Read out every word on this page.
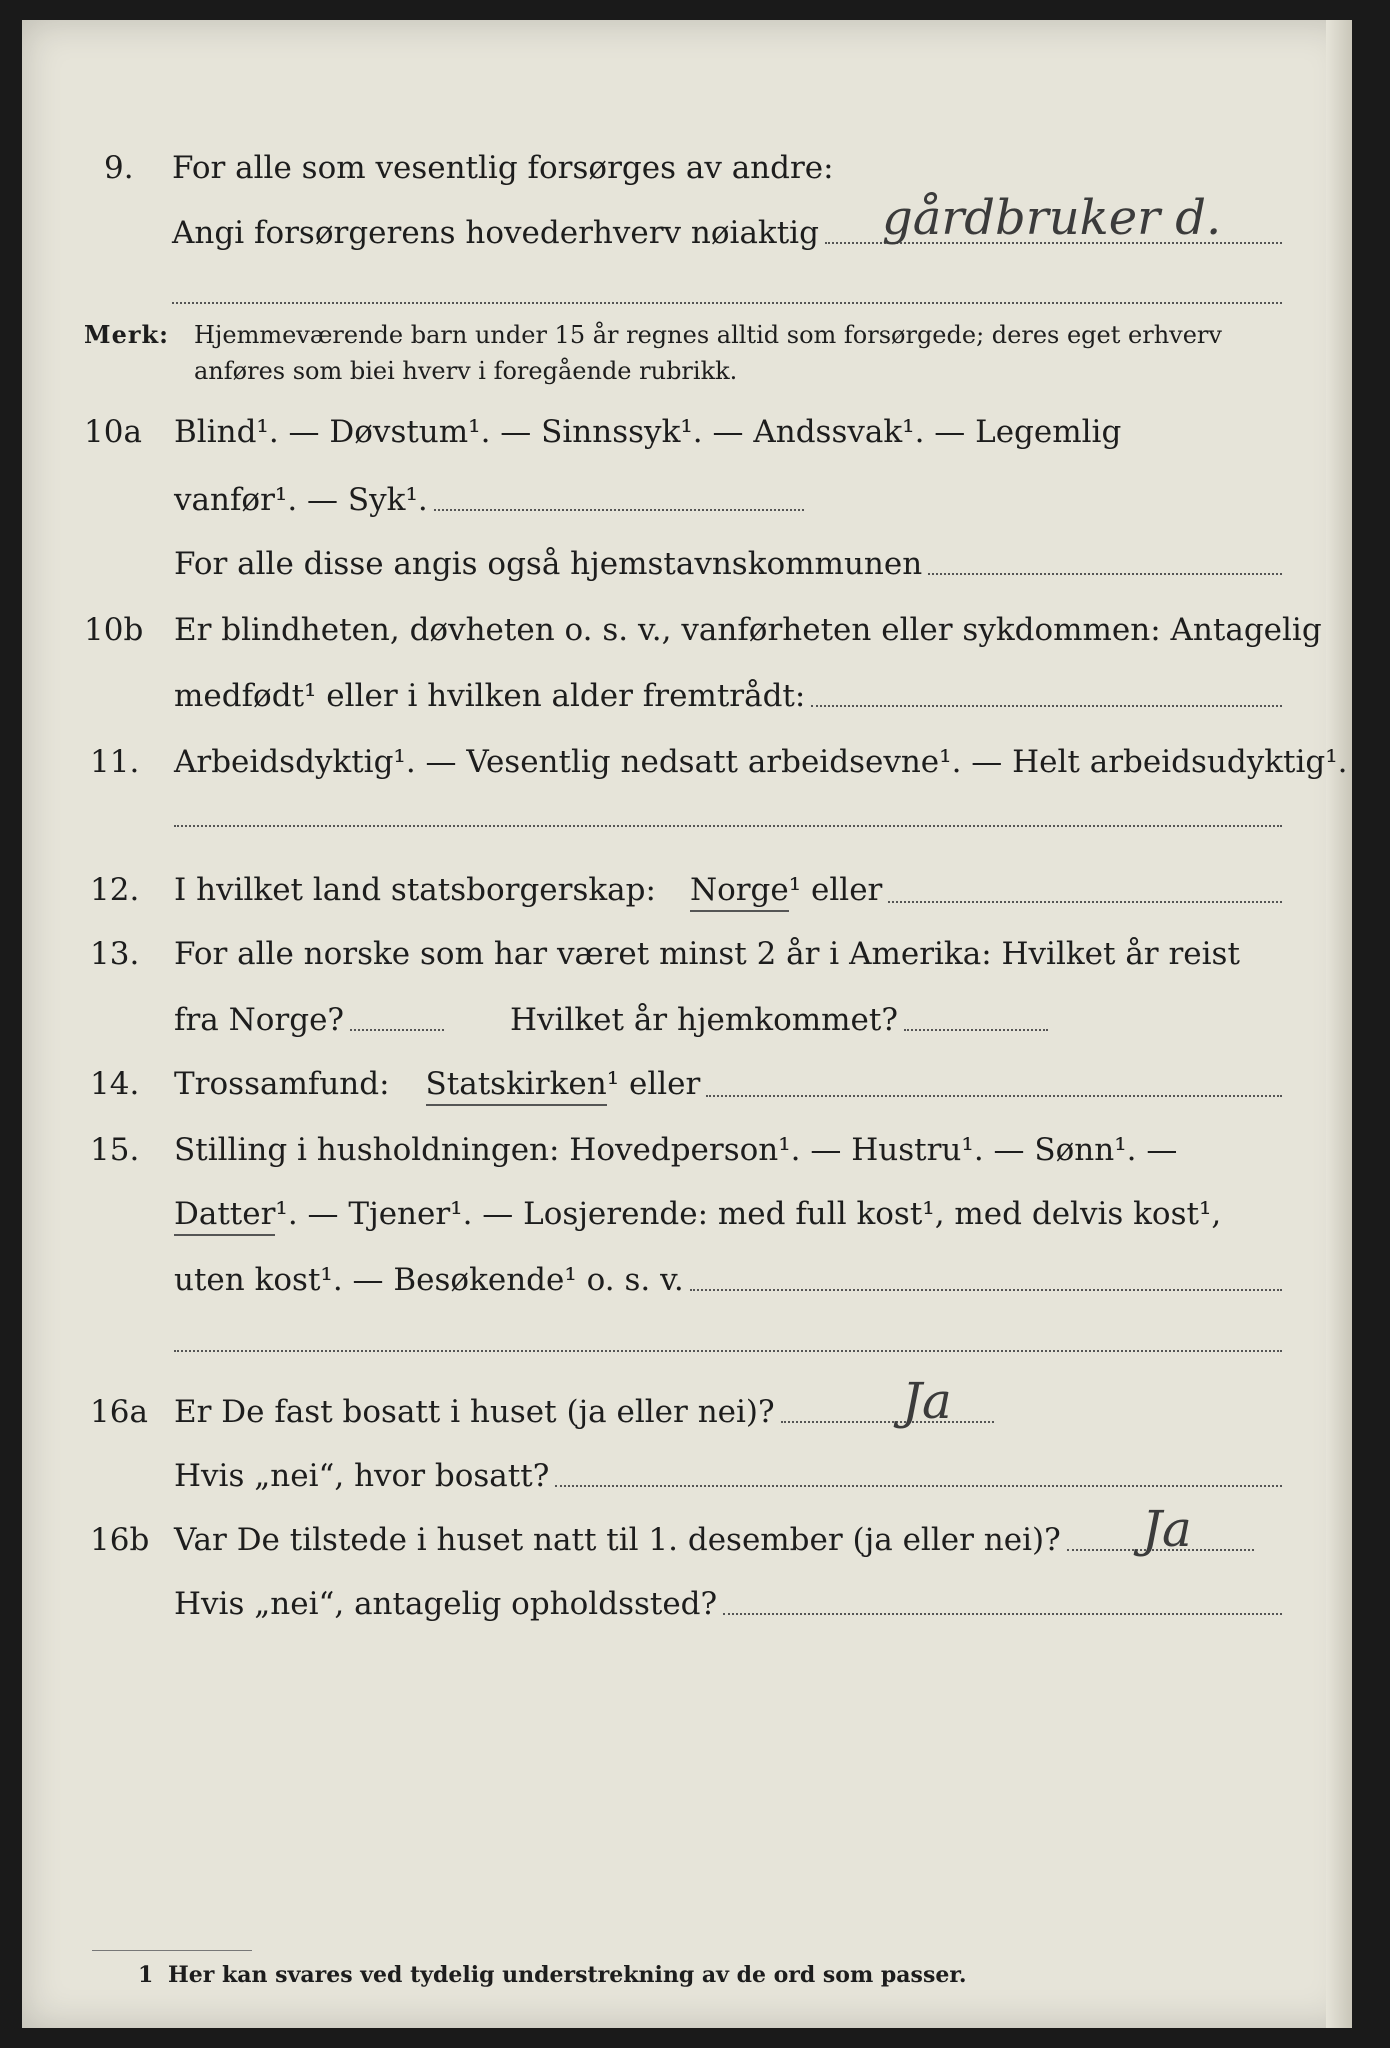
9.	For alle som vesentlig forsørges av andre:
Angi forsørgerens hovederhverv nøiaktig gårdbruker d.
Merk: Hjemmeværende barn under 15 år regnes alltid som forsørgede; deres eget erhverv
anføres som biei hverv i foregående rubrikk.
10a	Blind¹. — Døvstum¹. — Sinnssyk¹. — Andssvak¹. — Legemlig
vanfør¹. — Syk¹.
For alle disse angis også hjemstavnskommunen
10b Er blindheten, døvheten o. s. v., vanførheten eller sykdommen: Antagelig
medfødt¹ eller i hvilken alder fremtrådt:
11.	Arbeidsdyktig¹. — Vesentlig nedsatt arbeidsevne¹. — Helt arbeidsudyktig¹.
12.	I hvilket land statsborgerskap: Norge ¹ eller
13.	For alle norske som har været minst 2 år i Amerika: Hvilket år reist
fra Norge?	Hvilket år hjemkommet?
14.	Trossamfund: Statskirken ¹ eller
15.	Stilling i husholdningen: Hovedperson¹. — Hustru¹. — Sønn¹. —
Datter ¹. — Tjener¹. — Losjerende: med full kost¹, med delvis kost¹,
uten kost¹. — Besøkende¹ o. s. v.
16a Er De fast bosatt i huset (ja eller nei)?	Ja
Hvis „nei“, hvor bosatt?
16b Var De tilstede i huset natt til 1. desember (ja eller nei)? Ja
Hvis „nei“, antagelig opholdssted?
1 Her kan svares ved tydelig understrekning av de ord som passer.
